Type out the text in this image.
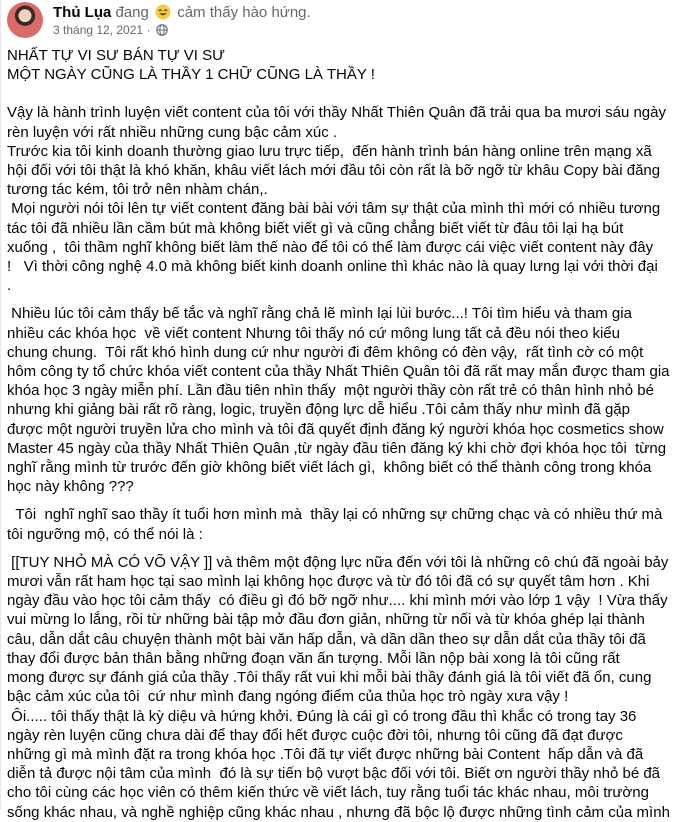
Thủ Lụa đang cảm thấy hào hứng.
3 tháng 12, 2021 ·

NHẤT TỰ VI SƯ BÁN TỰ VI SƯ

MỘT NGÀY CŨNG LÀ THẦY 1 CHỮ CŨNG LÀ THẦY !

Vậy là hành trình luyện viết content của tôi với thầy Nhất Thiên Quân đã trải qua ba mươi sáu ngày

rèn luyện với rất nhiều những cung bậc cảm xúc .

Trước kia tôi kinh doanh thường giao lưu trực tiếp,  đến hành trình bán hàng online trên mạng xã

hội đối với tôi thật là khó khăn, khâu viết lách mới đầu tôi còn rất là bỡ ngỡ từ khâu Copy bài đăng

tương tác kém, tôi trở nên nhàm chán,.

Mọi người nói tôi lên tự viết content đăng bài bài với tâm sự thật của mình thì mới có nhiều tương

tác tôi đã nhiều lần cầm bút mà không biết viết gì và cũng chẳng biết viết từ đâu tôi lại hạ bút

xuống ,  tôi thầm nghĩ không biết làm thế nào để tôi có thể làm được cái việc viết content này đây

!   Vì thời công nghệ 4.0 mà không biết kinh doanh online thì khác nào là quay lưng lại với thời đại

.

Nhiều lúc tôi cảm thấy bế tắc và nghĩ rằng chả lẽ mình lại lùi bước...! Tôi tìm hiểu và tham gia

nhiều các khóa học  về viết content Nhưng tôi thấy nó cứ mông lung tất cả đều nói theo kiểu

chung chung.  Tôi rất khó hình dung cứ như người đi đêm không có đèn vậy,  rất tình cờ có một

hôm công ty tổ chức khóa viết content của thầy Nhất Thiên Quân tôi đã rất may mắn được tham gia

khóa học 3 ngày miễn phí. Lần đầu tiên nhìn thấy  một người thầy còn rất trẻ có thân hình nhỏ bé

nhưng khi giảng bài rất rõ ràng, logic, truyền động lực dễ hiểu .Tôi cảm thấy như mình đã gặp

được một người truyền lửa cho mình và tôi đã quyết định đăng ký người khóa học cosmetics show

Master 45 ngày của thầy Nhất Thiên Quân ,từ ngày đầu tiên đăng ký khi chờ đợi khóa học tôi  từng

nghĩ rằng mình từ trước đến giờ không biết viết lách gì,  không biết có thể thành công trong khóa

học này không ???

Tôi  nghĩ nghĩ sao thầy ít tuổi hơn mình mà  thầy lại có những sự chững chạc và có nhiều thứ mà

tôi ngưỡng mộ, có thể nói là :

[[TUY NHỎ MÀ CÓ VÕ VẬY ]] và thêm một động lực nữa đến với tôi là những cô chú đã ngoài bảy

mươi vẫn rất ham học tại sao mình lại không học được và từ đó tôi đã có sự quyết tâm hơn . Khi

ngày đầu vào học tôi cảm thấy  có điều gì đó bỡ ngỡ như.... khi mình mới vào lớp 1 vậy  ! Vừa thấy

vui mừng lo lắng, rồi từ những bài tập mở đầu đơn giản, những từ nối và từ khóa ghép lại thành

câu, dẫn dắt câu chuyện thành một bài văn hấp dẫn, và dần dần theo sự dẫn dắt của thầy tôi đã

thay đổi được bản thân bằng những đoạn văn ấn tượng. Mỗi lần nộp bài xong là tôi cũng rất

mong được sự đánh giá của thầy .Tôi thấy rất vui khi mỗi bài thầy đánh giá là tôi viết đã ổn, cung

bậc cảm xúc của tôi  cứ như mình đang ngóng điểm của thủa học trò ngày xưa vậy !

Ôi..... tôi thấy thật là kỳ diệu và hứng khởi. Đúng là cái gì có trong đầu thì khắc có trong tay 36

ngày rèn luyện cũng chưa dài để thay đổi hết được cuộc đời tôi, nhưng tôi cũng đã đạt được

những gì mà mình đặt ra trong khóa học .Tôi đã tự viết được những bài Content  hấp dẫn và đã

diễn tả được nội tâm của mình  đó là sự tiến bộ vượt bậc đối với tôi. Biết ơn người thầy nhỏ bé đã

cho tôi cùng các học viên có thêm kiến thức về viết lách, tuy rằng tuổi tác khác nhau, môi trường

sống khác nhau, và nghề nghiệp cũng khác nhau , nhưng đã bộc lộ được những tình cảm của mình
